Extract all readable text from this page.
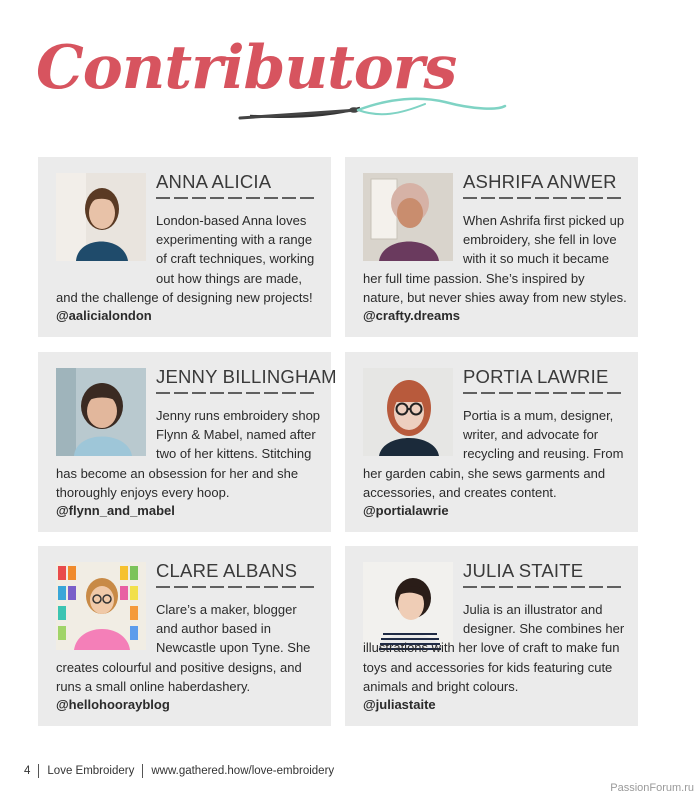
Contributors
ANNA ALICIA
London-based Anna loves experimenting with a range of craft techniques, working out how things are made, and the challenge of designing new projects!
@aalicialondon
ASHRIFA ANWER
When Ashrifa first picked up embroidery, she fell in love with it so much it became her full time passion. She’s inspired by nature, but never shies away from new styles.
@crafty.dreams
JENNY BILLINGHAM
Jenny runs embroidery shop Flynn & Mabel, named after two of her kittens. Stitching has become an obsession for her and she thoroughly enjoys every hoop.
@flynn_and_mabel
PORTIA LAWRIE
Portia is a mum, designer, writer, and advocate for recycling and reusing. From her garden cabin, she sews garments and accessories, and creates content.
@portialawrie
CLARE ALBANS
Clare’s a maker, blogger and author based in Newcastle upon Tyne. She creates colourful and positive designs, and runs a small online haberdashery.
@hellohoorayblog
JULIA STAITE
Julia is an illustrator and designer. She combines her illustrations with her love of craft to make fun toys and accessories for kids featuring cute animals and bright colours.
@juliastaite
4 Love Embroidery www.gathered.how/love-embroidery
PassionForum.ru
